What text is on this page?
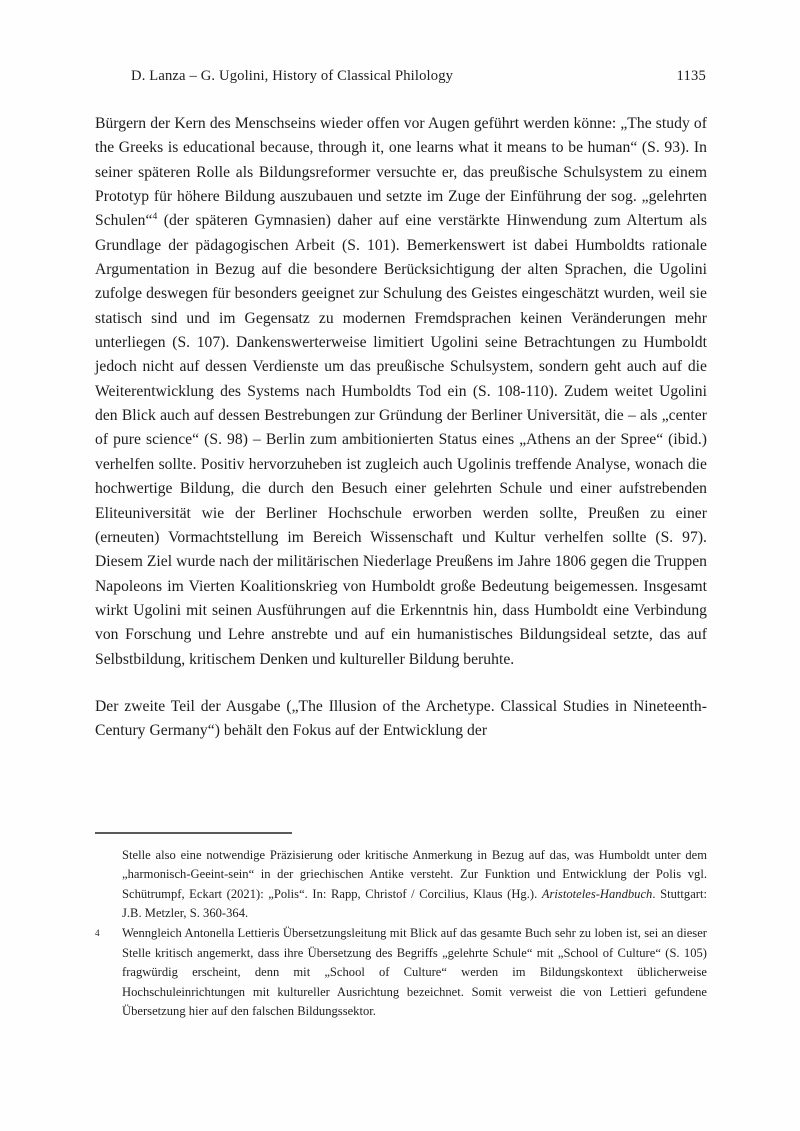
D. Lanza – G. Ugolini, History of Classical Philology	1135

Bürgern der Kern des Menschseins wieder offen vor Augen geführt werden könne: „The study of the Greeks is educational because, through it, one learns what it means to be human“ (S. 93). In seiner späteren Rolle als Bildungsreformer versuchte er, das preußische Schulsystem zu einem Prototyp für höhere Bildung auszubauen und setzte im Zuge der Einführung der sog. „gelehrten Schulen“$^4$ (der späteren Gymnasien) daher auf eine verstärkte Hinwendung zum Altertum als Grundlage der pädagogischen Arbeit (S. 101). Bemerkenswert ist dabei Humboldts rationale Argumentation in Bezug auf die besondere Berücksichtigung der alten Sprachen, die Ugolini zufolge deswegen für besonders geeignet zur Schulung des Geistes eingeschätzt wurden, weil sie statisch sind und im Gegensatz zu modernen Fremdsprachen keinen Veränderungen mehr unterliegen (S. 107). Dankenswerterweise limitiert Ugolini seine Betrachtungen zu Humboldt jedoch nicht auf dessen Verdienste um das preußische Schulsystem, sondern geht auch auf die Weiterentwicklung des Systems nach Humboldts Tod ein (S. 108-110). Zudem weitet Ugolini den Blick auch auf dessen Bestrebungen zur Gründung der Berliner Universität, die – als „center of pure science“ (S. 98) – Berlin zum ambitionierten Status eines „Athens an der Spree“ (ibid.) verhelfen sollte. Positiv hervorzuheben ist zugleich auch Ugolinis treffende Analyse, wonach die hochwertige Bildung, die durch den Besuch einer gelehrten Schule und einer aufstrebenden Eliteuniversität wie der Berliner Hochschule erworben werden sollte, Preußen zu einer (erneuten) Vormachtstellung im Bereich Wissenschaft und Kultur verhelfen sollte (S. 97). Diesem Ziel wurde nach der militärischen Niederlage Preußens im Jahre 1806 gegen die Truppen Napoleons im Vierten Koalitionskrieg von Humboldt große Bedeutung beigemessen. Insgesamt wirkt Ugolini mit seinen Ausführungen auf die Erkenntnis hin, dass Humboldt eine Verbindung von Forschung und Lehre anstrebte und auf ein humanistisches Bildungsideal setzte, das auf Selbstbildung, kritischem Denken und kultureller Bildung beruhte.

Der zweite Teil der Ausgabe („The Illusion of the Archetype. Classical Studies in Nineteenth-Century Germany“) behält den Fokus auf der Entwicklung der

Stelle also eine notwendige Präzisierung oder kritische Anmerkung in Bezug auf das, was Humboldt unter dem „harmonisch-Geeint-sein“ in der griechischen Antike versteht. Zur Funktion und Entwicklung der Polis vgl. Schütrumpf, Eckart (2021): „Polis“. In: Rapp, Christof / Corcilius, Klaus (Hg.). Aristoteles-Handbuch. Stuttgart: J.B. Metzler, S. 360-364.
4	Wenngleich Antonella Lettieris Übersetzungsleitung mit Blick auf das gesamte Buch sehr zu loben ist, sei an dieser Stelle kritisch angemerkt, dass ihre Übersetzung des Begriffs „gelehrte Schule“ mit „School of Culture“ (S. 105) fragwürdig erscheint, denn mit „School of Culture“ werden im Bildungskontext üblicherweise Hochschuleinrichtungen mit kultureller Ausrichtung bezeichnet. Somit verweist die von Lettieri gefundene Übersetzung hier auf den falschen Bildungssektor.
